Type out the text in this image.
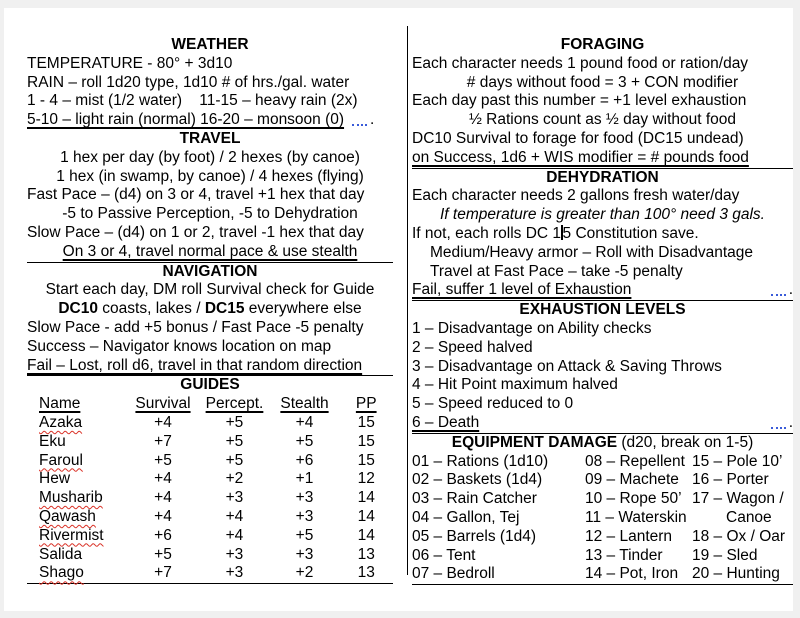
WEATHER
TEMPERATURE - 80° + 3d10
RAIN – roll 1d20 type, 1d10 # of hrs./gal. water
1 - 4 – mist (1/2 water)    11-15 – heavy rain (2x)
5-10 – light rain (normal) 16-20 – monsoon (0) .
TRAVEL
1 hex per day (by foot) / 2 hexes (by canoe)
1 hex (in swamp, by canoe) / 4 hexes (flying)
Fast Pace – (d4) on 3 or 4, travel +1 hex that day
-5 to Passive Perception, -5 to Dehydration
Slow Pace – (d4) on 1 or 2, travel -1 hex that day
On 3 or 4, travel normal pace & use stealth
NAVIGATION
Start each day, DM roll Survival check for Guide
DC10 coasts, lakes / DC15 everywhere else
Slow Pace - add +5 bonus / Fast Pace -5 penalty
Success – Navigator knows location on map
Fail – Lost, roll d6, travel in that random direction
GUIDES
Name	Survival Percept.	Stealth	PP
Azaka	+4	+5	+4	15
Eku	+7	+5	+5	15
Faroul	+5	+5	+6	15
Hew	+4	+2	+1	12
Musharib	+4	+3	+3	14
Qawash	+4	+4	+3	14
Rivermist	+6	+4	+5	14
Salida	+5	+3	+3	13
Shago	+7	+3	+2	13
FORAGING
Each character needs 1 pound food or ration/day
# days without food = 3 + CON modifier
Each day past this number = +1 level exhaustion
½ Rations count as ½ day without food
DC10 Survival to forage for food (DC15 undead)
on Success, 1d6 + WIS modifier = # pounds food
DEHYDRATION
Each character needs 2 gallons fresh water/day
If temperature is greater than 100° need 3 gals.
If not, each rolls DC 15 Constitution save.
Medium/Heavy armor – Roll with Disadvantage
Travel at Fast Pace – take -5 penalty
Fail, suffer 1 level of Exhaustion	.
EXHAUSTION LEVELS
1 – Disadvantage on Ability checks
2 – Speed halved
3 – Disadvantage on Attack & Saving Throws
4 – Hit Point maximum halved
5 – Speed reduced to 0
6 – Death	.
EQUIPMENT DAMAGE (d20, break on 1-5)
01 – Rations (1d10)	08 – Repellent 15 – Pole 10’
02 – Baskets (1d4)	09 – Machete 16 – Porter
03 – Rain Catcher	10 – Rope 50’ 17 – Wagon /
04 – Gallon, Tej	11 – Waterskin	Canoe
05 – Barrels (1d4)	12 – Lantern	18 – Ox / Oar
06 – Tent	13 – Tinder	19 – Sled
07 – Bedroll	14 – Pot, Iron 20 – Hunting
